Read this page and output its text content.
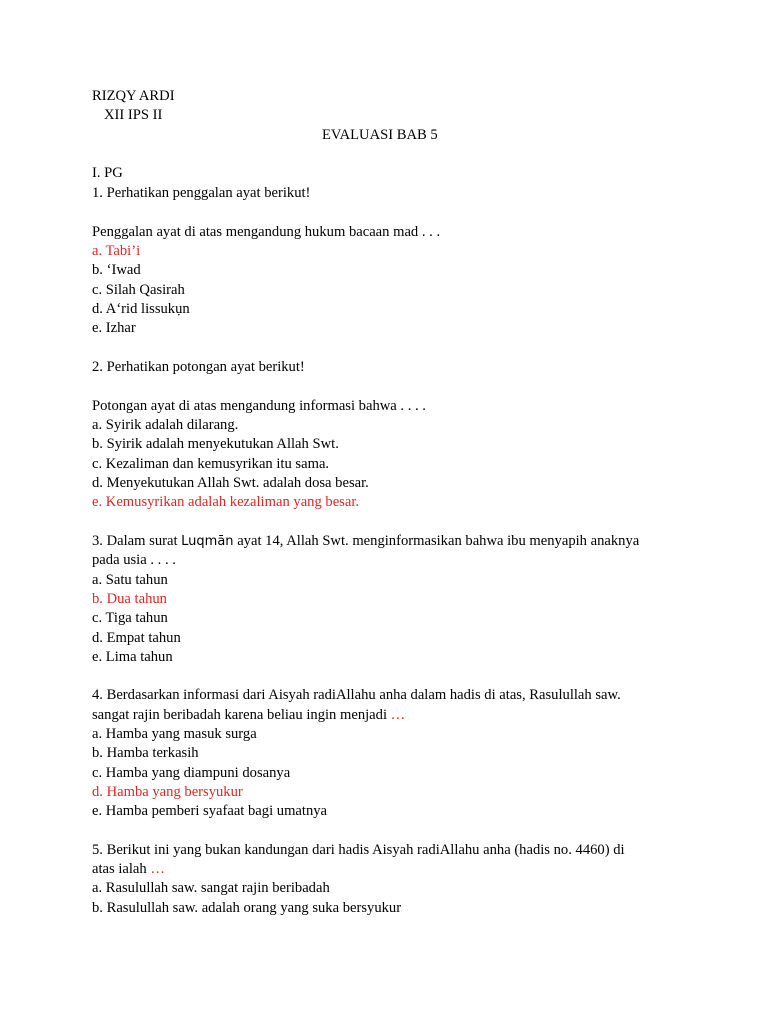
RIZQY ARDI
XII IPS II
EVALUASI BAB 5
I. PG
1. Perhatikan penggalan ayat berikut!
Penggalan ayat di atas mengandung hukum bacaan mad . . .
a. Tabi’i
b. ‘Iwad
c. Silah Qasirah
d. A‘rid lissukụn
e. Izhar
2. Perhatikan potongan ayat berikut!
Potongan ayat di atas mengandung informasi bahwa . . . .
a. Syirik adalah dilarang.
b. Syirik adalah menyekutukan Allah Swt.
c. Kezaliman dan kemusyrikan itu sama.
d. Menyekutukan Allah Swt. adalah dosa besar.
e. Kemusyrikan adalah kezaliman yang besar.
3. Dalam surat Luqmān ayat 14, Allah Swt. menginformasikan bahwa ibu menyapih anaknya
pada usia . . . .
a. Satu tahun
b. Dua tahun
c. Tiga tahun
d. Empat tahun
e. Lima tahun
4. Berdasarkan informasi dari Aisyah radiAllahu anha dalam hadis di atas, Rasulullah saw.
sangat rajin beribadah karena beliau ingin menjadi …
a. Hamba yang masuk surga
b. Hamba terkasih
c. Hamba yang diampuni dosanya
d. Hamba yang bersyukur
e. Hamba pemberi syafaat bagi umatnya
5. Berikut ini yang bukan kandungan dari hadis Aisyah radiAllahu anha (hadis no. 4460) di
atas ialah …
a. Rasulullah saw. sangat rajin beribadah
b. Rasulullah saw. adalah orang yang suka bersyukur
